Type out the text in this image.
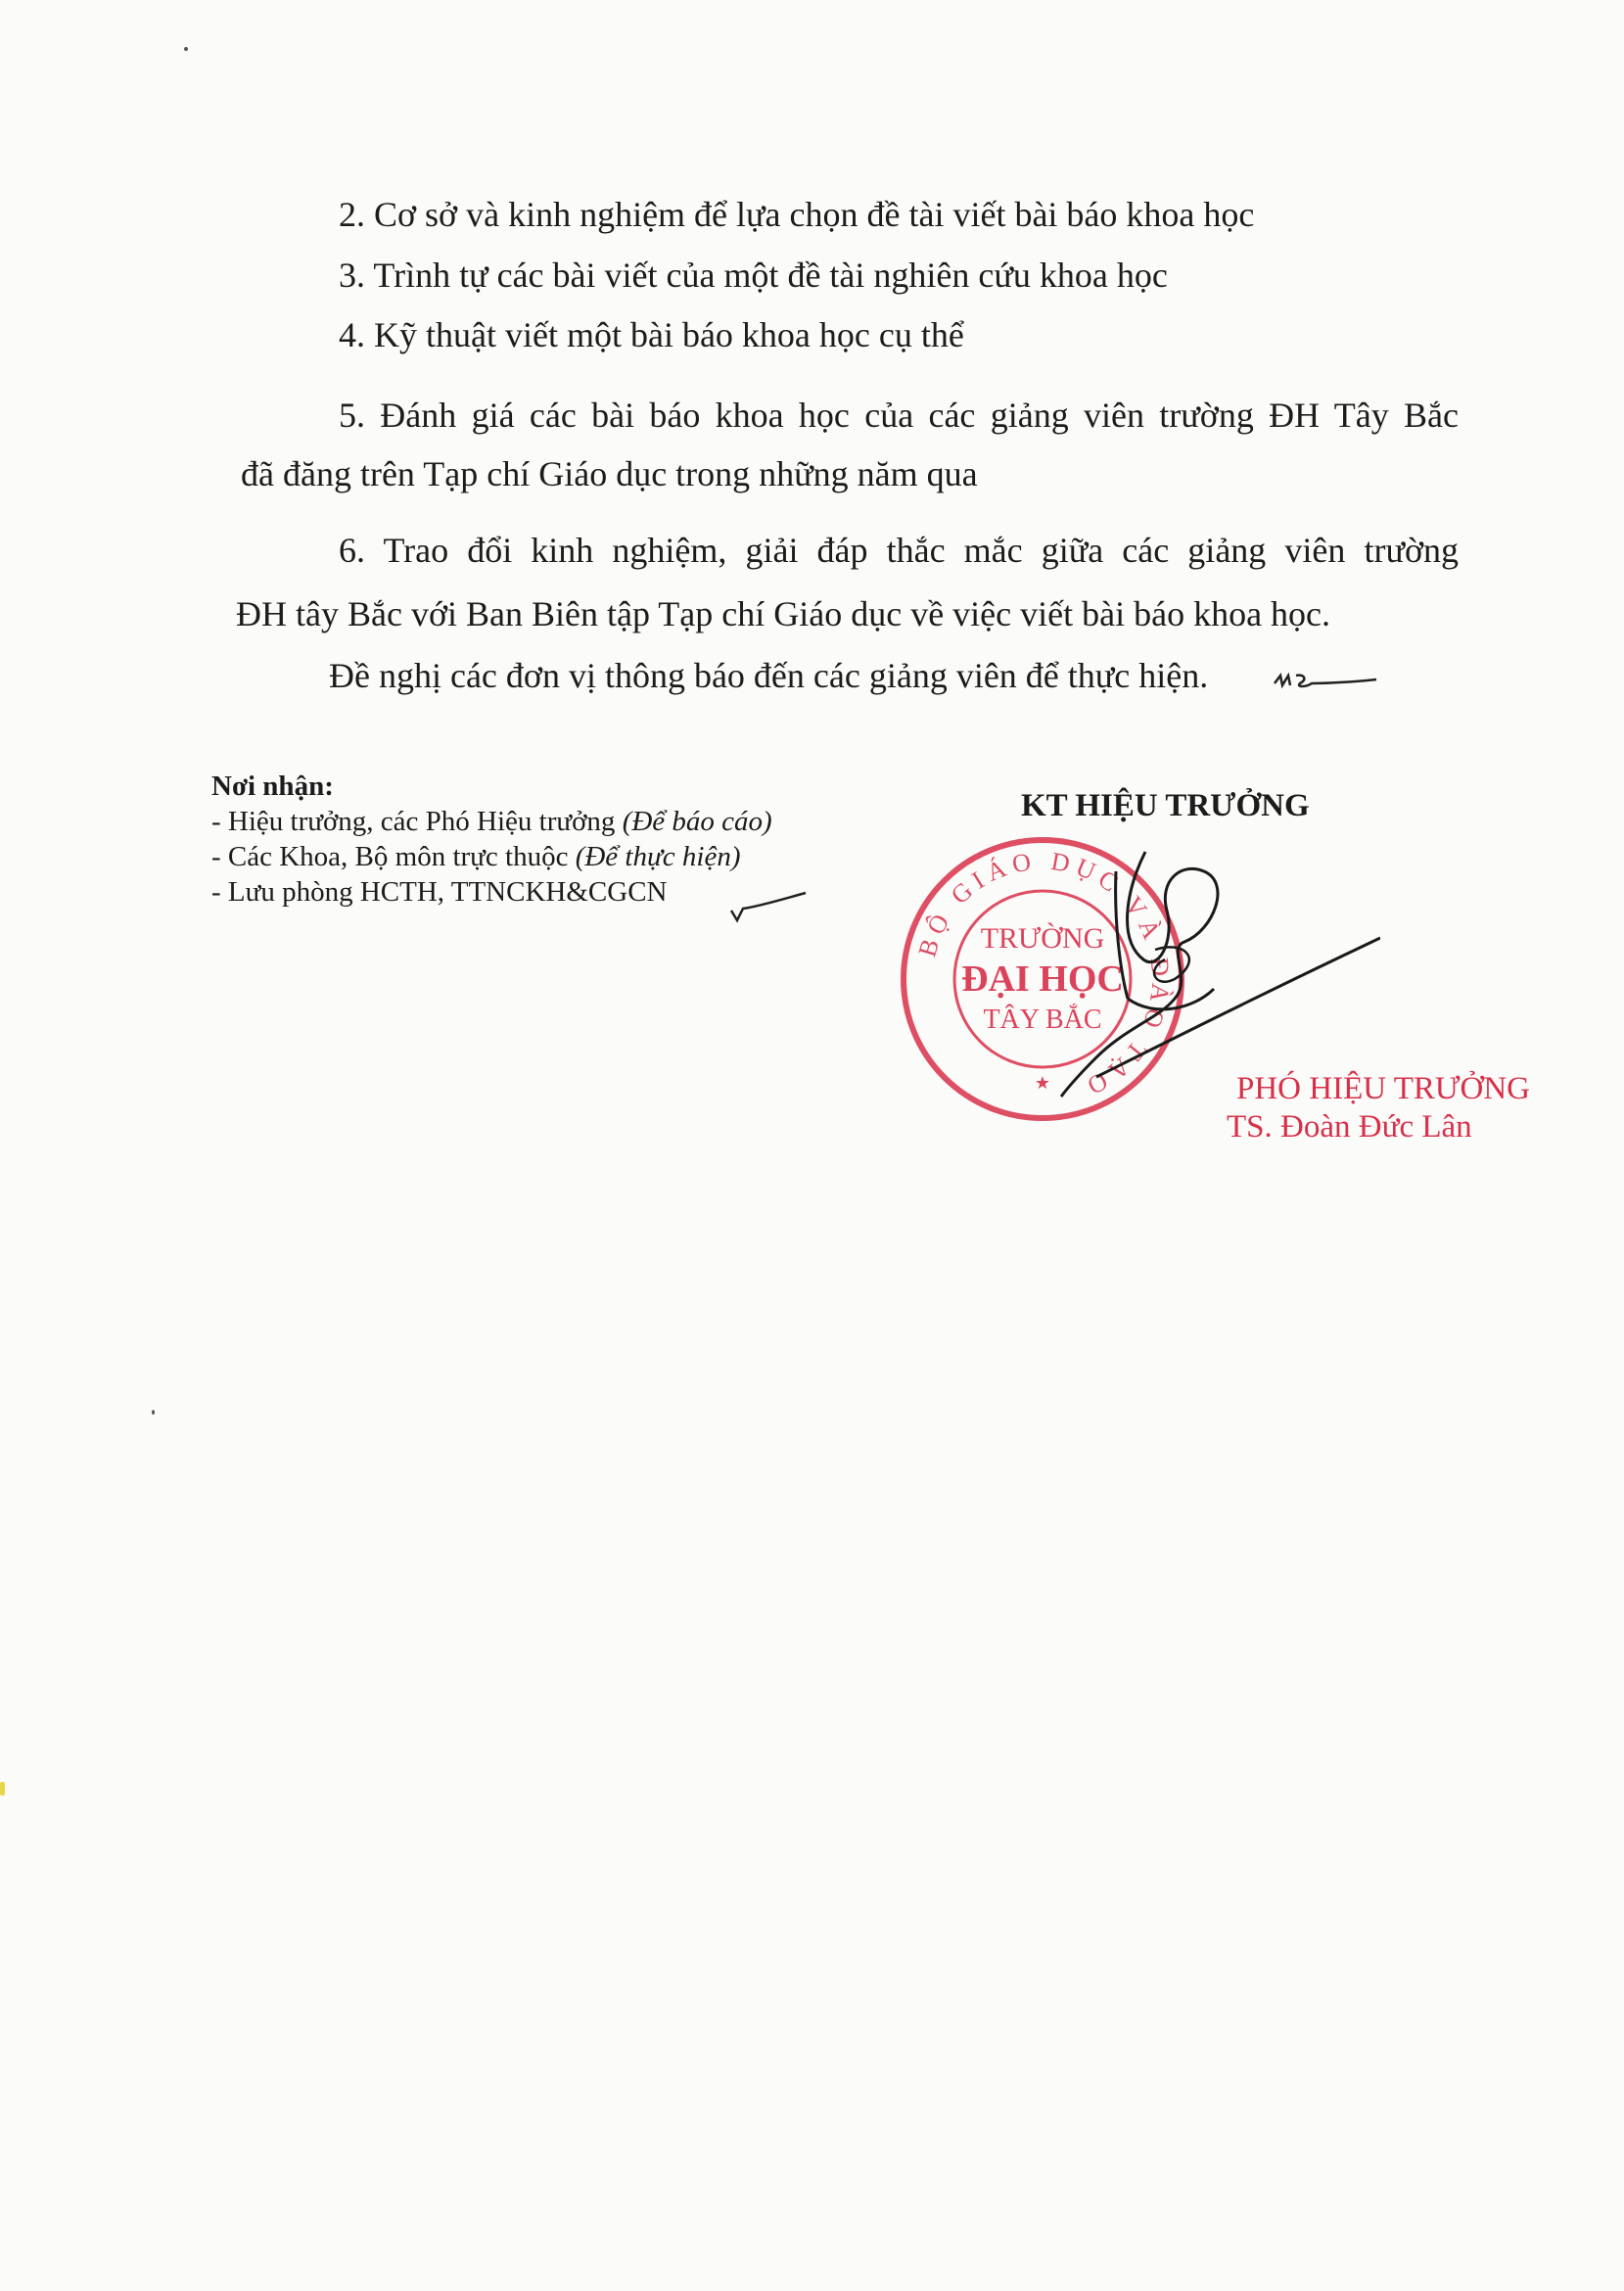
2. Cơ sở và kinh nghiệm để lựa chọn đề tài viết bài báo khoa học
3. Trình tự các bài viết của một đề tài nghiên cứu khoa học
4. Kỹ thuật viết một bài báo khoa học cụ thể
5. Đánh giá các bài báo khoa học của các giảng viên trường ĐH Tây Bắc
đã đăng trên Tạp chí Giáo dục trong những năm qua
6. Trao đổi kinh nghiệm, giải đáp thắc mắc giữa các giảng viên trường
ĐH tây Bắc với Ban Biên tập Tạp chí Giáo dục về việc viết bài báo khoa học.
Đề nghị các đơn vị thông báo đến các giảng viên để thực hiện.
Nơi nhận:
- Hiệu trưởng, các Phó Hiệu trưởng (Để báo cáo)
- Các Khoa, Bộ môn trực thuộc (Để thực hiện)
- Lưu phòng HCTH, TTNCKH&CGCN
KT HIỆU TRƯỞNG
BỘ GIÁO DỤC VÀ ĐÀO TẠO
TRƯỜNG
ĐẠI HỌC
TÂY BẮC
★	PHÓ HIỆU TRƯỞNG
TS. Đoàn Đức Lân
